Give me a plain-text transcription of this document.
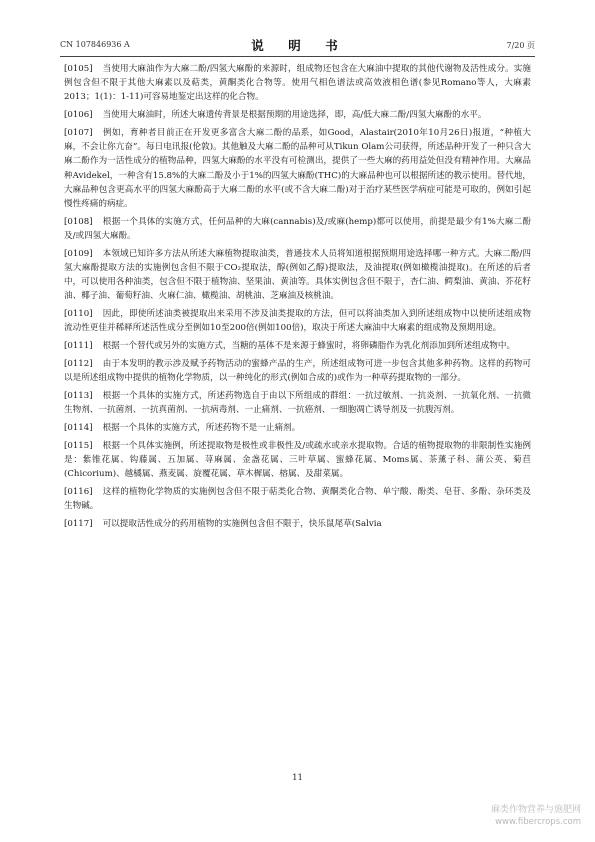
CN 107846936 A	说　明　书	7/20 页

[0105] 当使用大麻油作为大麻二酚/四氢大麻酚的来源时，组成物还包含在大麻油中提取的其他代谢物及活性成分。实施例包含但不限于其他大麻素以及萜类，黄酮类化合物等。使用气相色谱法或高效液相色谱(参见Romano等人，大麻素2013；1(1)：1-11)可容易地鉴定出这样的化合物。

[0106] 当使用大麻油时，所述大麻遗传背景是根据预期的用途选择，即，高/低大麻二酚/四氢大麻酚的水平。

[0107] 例如，育种者目前正在开发更多富含大麻二酚的品系，如Good，Alastair(2010年10月26日)报道，“种植大麻，不会让你亢奋”。每日电讯报(伦敦)。其他触及大麻二酚的品种可从Tikun Olam公司获得，所述品种开发了一种只含大麻二酚作为一活性成分的植物品种，四氢大麻酚的水平没有可检测出，提供了一些大麻的药用益处但没有精神作用。大麻品种Avidekel，一种含有15.8%的大麻二酚及小于1%的四氢大麻酚(THC)的大麻品种也可以根据所述的教示使用。替代地，大麻品种包含更高水平的四氢大麻酚高于大麻二酚的水平(或不含大麻二酚)对于治疗某些医学病症可能是可取的，例如引起慢性疼痛的病症。

[0108] 根据一个具体的实施方式，任何品种的大麻(cannabis)及/或麻(hemp)都可以使用，前提是最少有1%大麻二酚及/或四氢大麻酚。

[0109] 本领域已知许多方法从所述大麻植物提取油类，普通技术人员将知道根据预期用途选择哪一种方式。大麻二酚/四氢大麻酚提取方法的实施例包含但不限于CO₂提取法，醇(例如乙醇)提取法，及油提取(例如橄榄油提取)。在所述的后者中，可以使用各种油类，包含但不限于植物油、坚果油、黄油等。具体实例包含但不限于，杏仁油、鳄梨油、黄油、芥花籽油、椰子油、葡萄籽油、火麻仁油、橄榄油、胡桃油、芝麻油及核桃油。

[0110] 因此，即使所述油类被提取出来采用不涉及油类提取的方法，但可以将油类加入到所述组成物中以使所述组成物流动性更佳并稀释所述活性成分至例如10至200倍(例如100倍)，取决于所述大麻油中大麻素的组成物及预期用途。

[0111] 根据一个替代或另外的实施方式，当糖的基体不是来源于蜂蜜时，将卵磷脂作为乳化剂添加到所述组成物中。

[0112] 由于本发明的教示涉及赋予药物活动的蜜蜂产品的生产，所述组成物可进一步包含其他多种药物。这样的药物可以是所述组成物中提供的植物化学物质，以一种纯化的形式(例如合成的)或作为一种草药提取物的一部分。

[0113] 根据一个具体的实施方式，所述药物选自于由以下所组成的群组：一抗过敏剂、一抗炎剂、一抗氧化剂、一抗微生物剂、一抗菌剂、一抗真菌剂、一抗病毒剂、一止痛剂、一抗癌剂、一细胞凋亡诱导剂及一抗腹泻剂。

[0114] 根据一个具体的实施方式，所述药物不是一止痛剂。

[0115] 根据一个具体实施例，所述提取物是极性或非极性及/或疏水或亲水提取物。合适的植物提取物的非限制性实施例是：紫锥花属、钩藤属、五加属、荨麻属、金盏花属、三叶草属、蜜蜂花属、Moms属、茶薰子科、蒲公英、菊苣(Chicorium)、越橘属、燕麦属、旋覆花属、草木樨属、榕属、及甜菜属。

[0116] 这样的植物化学物质的实施例包含但不限于萜类化合物、黄酮类化合物、单宁酸、酚类、皂苷、多酚、杂环类及生物碱。

[0117] 可以提取活性成分的药用植物的实施例包含但不限于，快乐鼠尾草(Salvia

11
麻类作物营养与施肥网
www.fibercrops.com
